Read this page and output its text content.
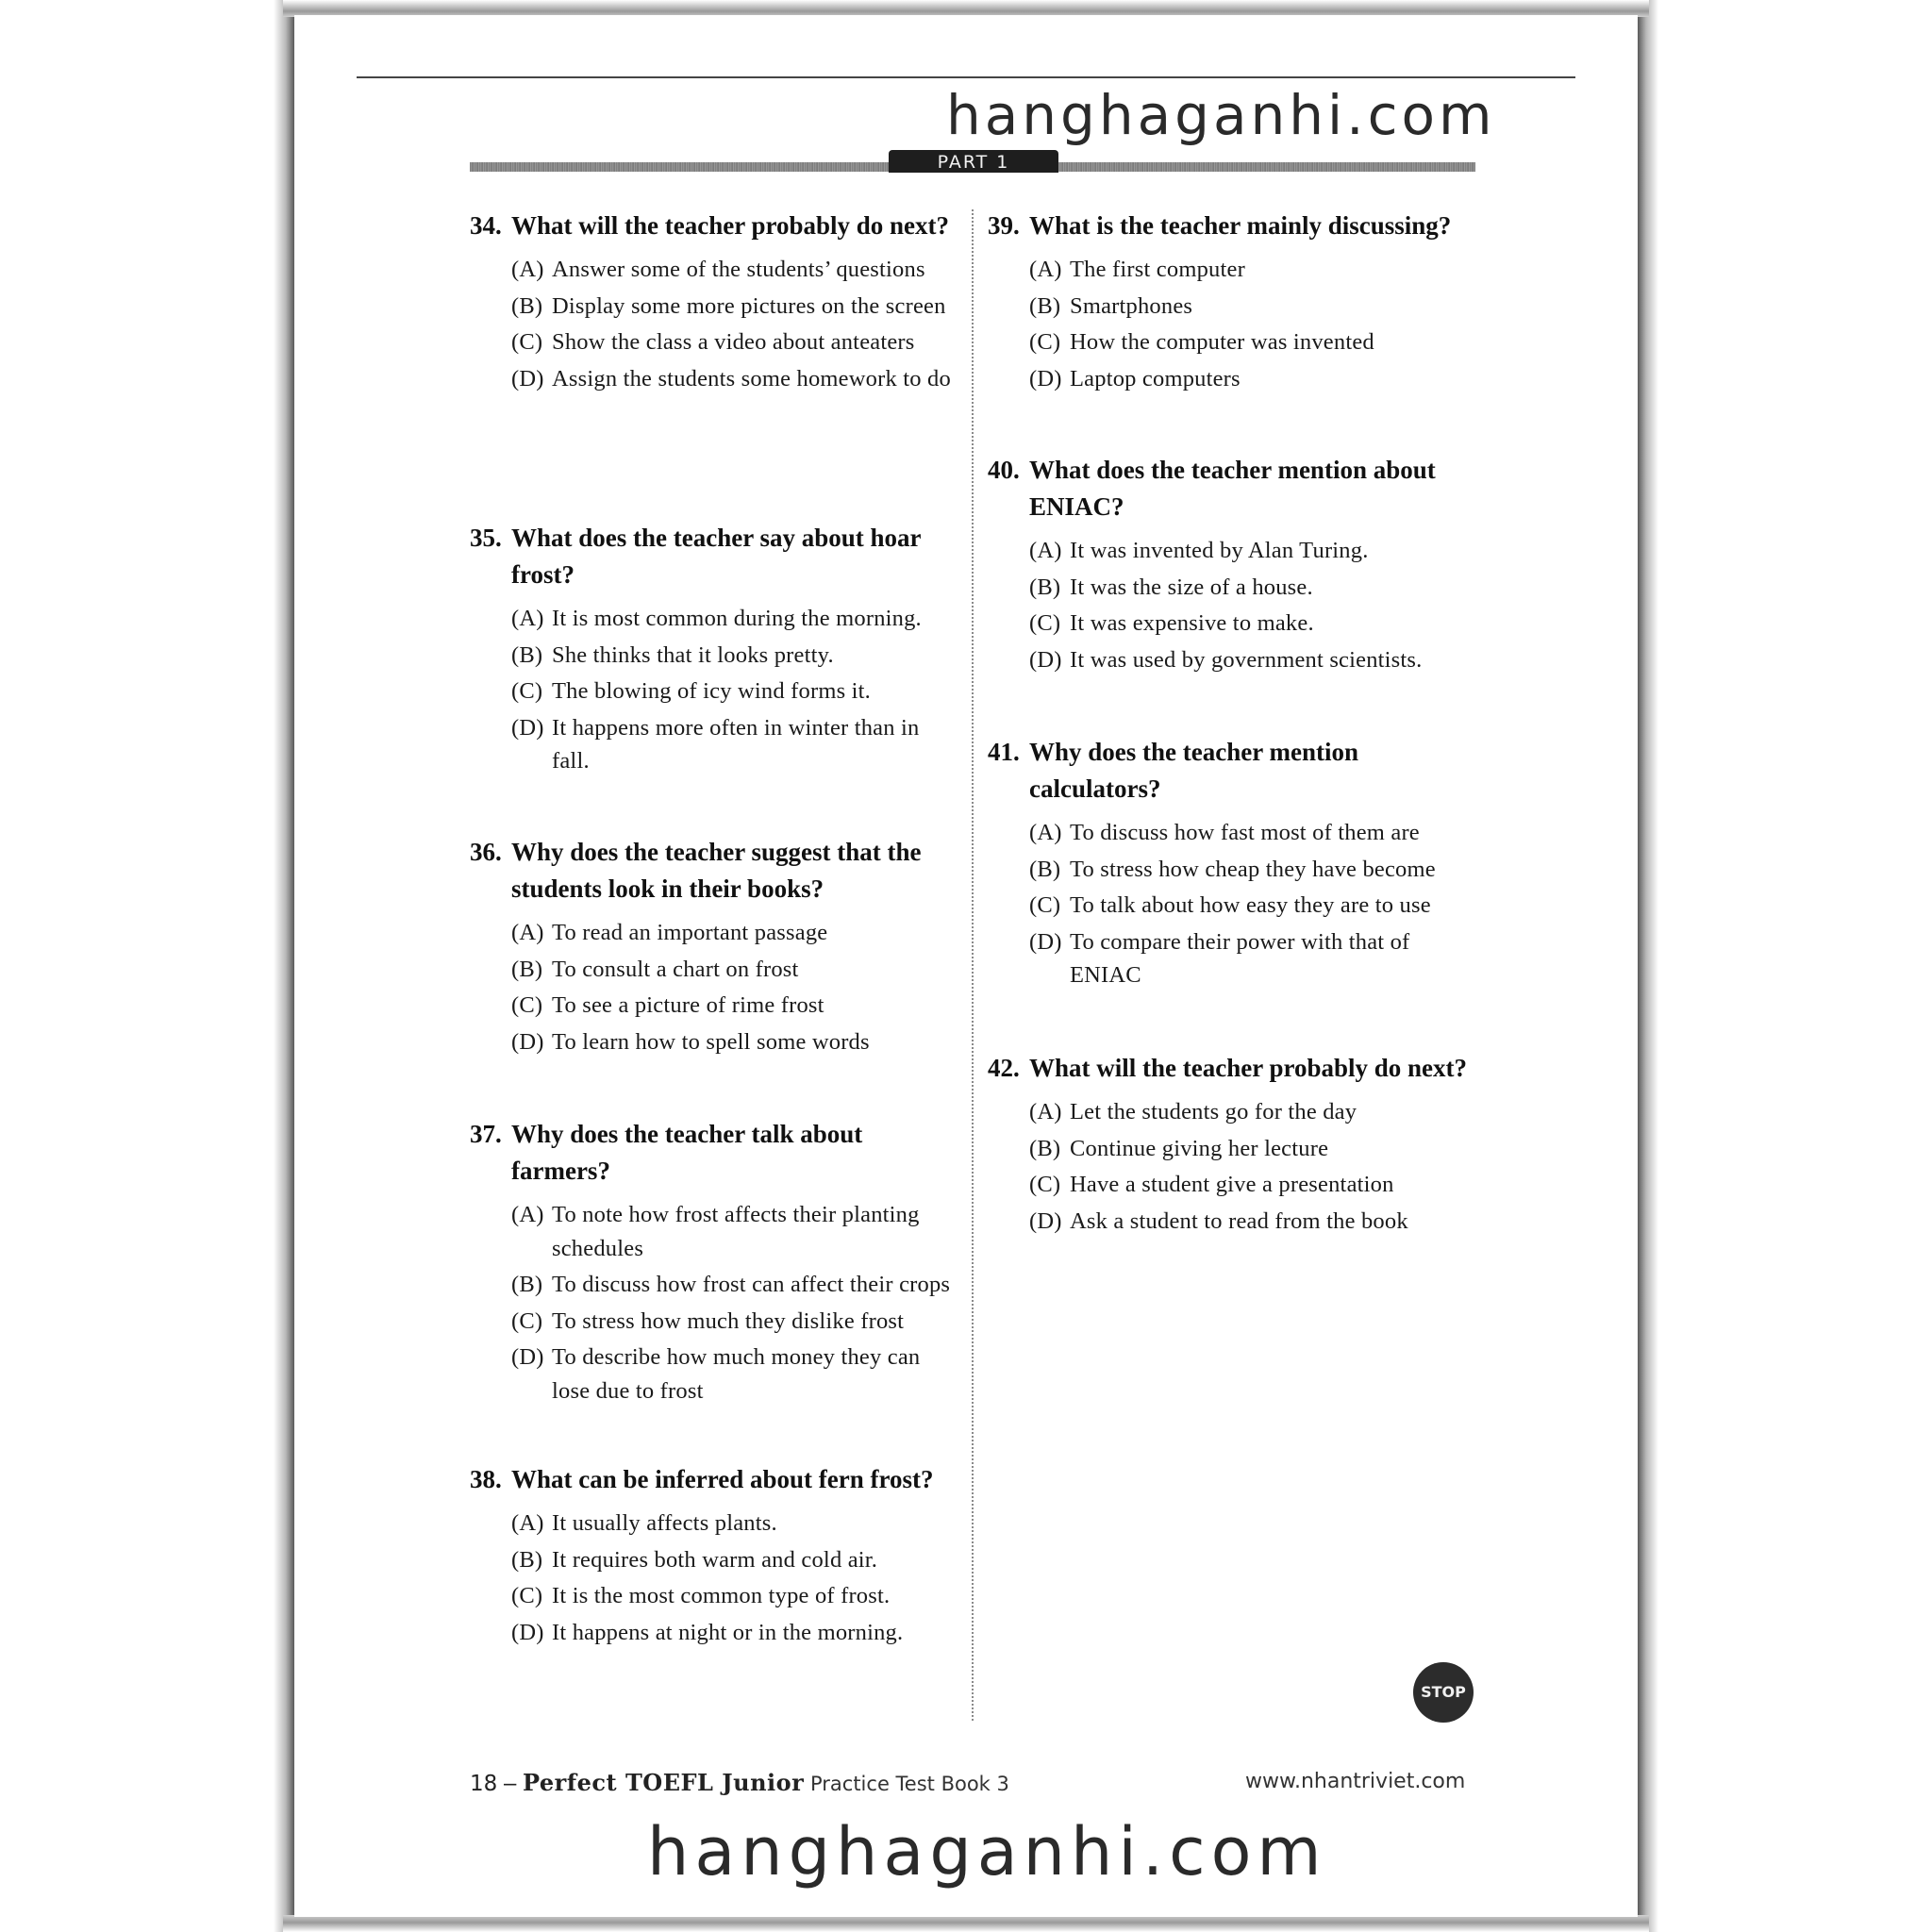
hanghaganhi.com
PART 1
34. What will the teacher probably do next?
(A) Answer some of the students’ questions
(B) Display some more pictures on the screen
(C) Show the class a video about anteaters
(D) Assign the students some homework to do
35. What does the teacher say about hoar frost?
(A) It is most common during the morning.
(B) She thinks that it looks pretty.
(C) The blowing of icy wind forms it.
(D) It happens more often in winter than in fall.
36. Why does the teacher suggest that the students look in their books?
(A) To read an important passage
(B) To consult a chart on frost
(C) To see a picture of rime frost
(D) To learn how to spell some words
37. Why does the teacher talk about farmers?
(A) To note how frost affects their planting schedules
(B) To discuss how frost can affect their crops
(C) To stress how much they dislike frost
(D) To describe how much money they can lose due to frost
38. What can be inferred about fern frost?
(A) It usually affects plants.
(B) It requires both warm and cold air.
(C) It is the most common type of frost.
(D) It happens at night or in the morning.
39. What is the teacher mainly discussing?
(A) The first computer
(B) Smartphones
(C) How the computer was invented
(D) Laptop computers
40. What does the teacher mention about ENIAC?
(A) It was invented by Alan Turing.
(B) It was the size of a house.
(C) It was expensive to make.
(D) It was used by government scientists.
41. Why does the teacher mention calculators?
(A) To discuss how fast most of them are
(B) To stress how cheap they have become
(C) To talk about how easy they are to use
(D) To compare their power with that of ENIAC
42. What will the teacher probably do next?
(A) Let the students go for the day
(B) Continue giving her lecture
(C) Have a student give a presentation
(D) Ask a student to read from the book
STOP
18 – Perfect TOEFL Junior Practice Test Book 3	www.nhantriviet.com
hanghaganhi.com
